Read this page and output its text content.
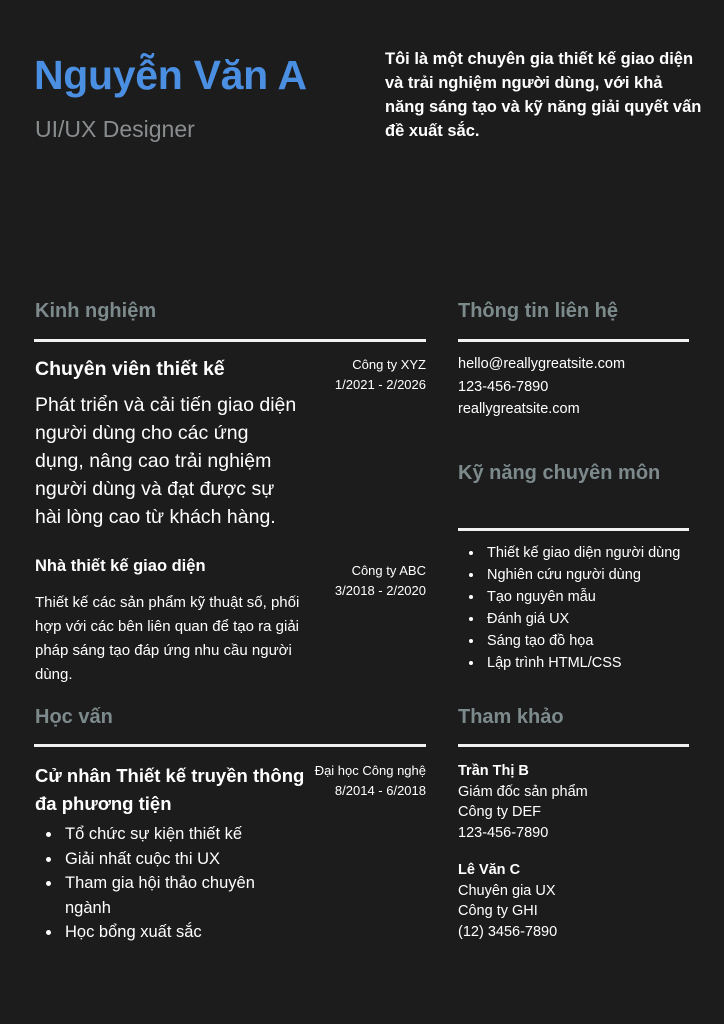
Nguyễn Văn A
UI/UX Designer
Tôi là một chuyên gia thiết kế giao diện và trải nghiệm người dùng, với khả năng sáng tạo và kỹ năng giải quyết vấn đề xuất sắc.
Kinh nghiệm
Chuyên viên thiết kế	Công ty XYZ
1/2021 - 2/2026
Phát triển và cải tiến giao diện người dùng cho các ứng dụng, nâng cao trải nghiệm người dùng và đạt được sự hài lòng cao từ khách hàng.
Nhà thiết kế giao diện	Công ty ABC
3/2018 - 2/2020
Thiết kế các sản phẩm kỹ thuật số, phối hợp với các bên liên quan để tạo ra giải pháp sáng tạo đáp ứng nhu cầu người dùng.
Học vấn
Cử nhân Thiết kế truyền thông đa phương tiện
Đại học Công nghệ
8/2014 - 6/2018
Tổ chức sự kiện thiết kế
Giải nhất cuộc thi UX
Tham gia hội thảo chuyên ngành
Học bổng xuất sắc
Thông tin liên hệ
hello@reallygreatsite.com
123-456-7890
reallygreatsite.com
Kỹ năng chuyên môn
Thiết kế giao diện người dùng
Nghiên cứu người dùng
Tạo nguyên mẫu
Đánh giá UX
Sáng tạo đồ họa
Lập trình HTML/CSS
Tham khảo
Trần Thị B
Giám đốc sản phẩm
Công ty DEF
123-456-7890
Lê Văn C
Chuyên gia UX
Công ty GHI
(12) 3456-7890
